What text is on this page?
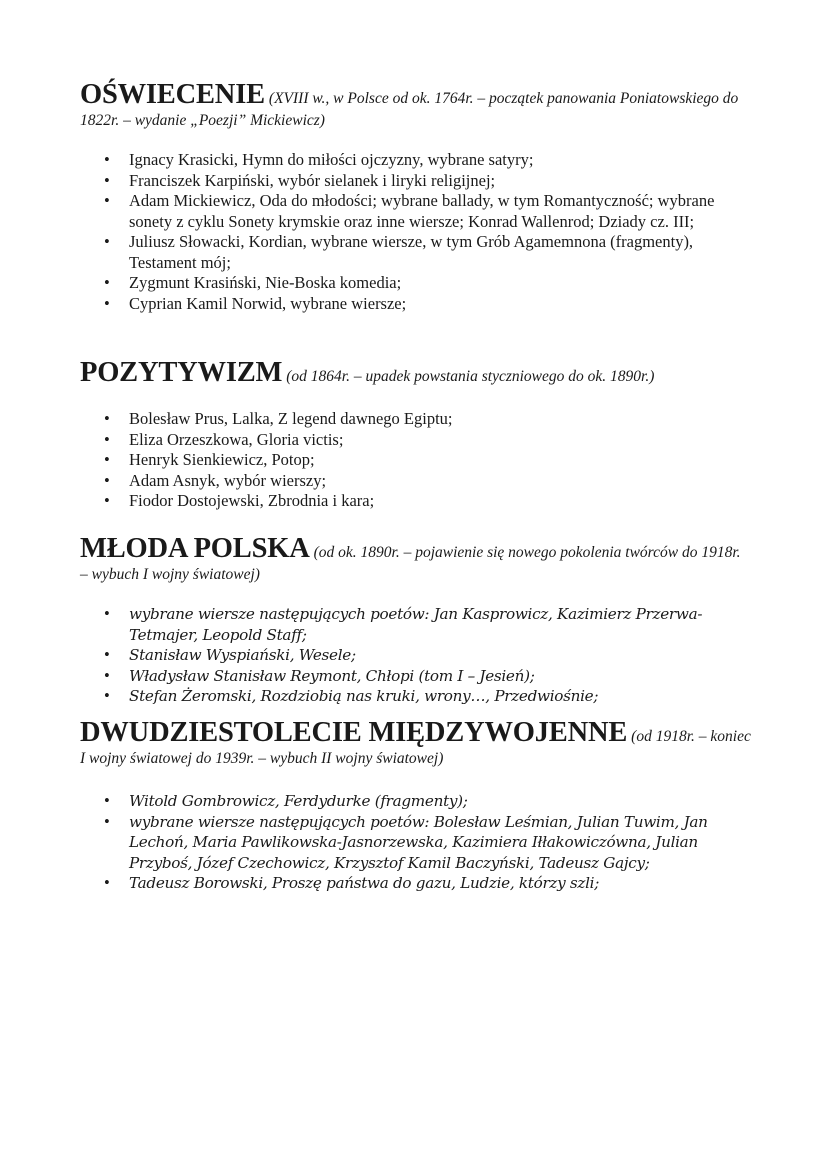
OŚWIECENIE (XVIII w., w Polsce od ok. 1764r. – początek panowania Poniatowskiego do 1822r. – wydanie „Poezji” Mickiewicz)

• Ignacy Krasicki, Hymn do miłości ojczyzny, wybrane satyry;
• Franciszek Karpiński, wybór sielanek i liryki religijnej;
• Adam Mickiewicz, Oda do młodości; wybrane ballady, w tym Romantyczność; wybrane sonety z cyklu Sonety krymskie oraz inne wiersze; Konrad Wallenrod; Dziady cz. III;
• Juliusz Słowacki, Kordian, wybrane wiersze, w tym Grób Agamemnona (fragmenty), Testament mój;
• Zygmunt Krasiński, Nie-Boska komedia;
• Cyprian Kamil Norwid, wybrane wiersze;

POZYTYWIZM (od 1864r. – upadek powstania styczniowego do ok. 1890r.)

• Bolesław Prus, Lalka, Z legend dawnego Egiptu;
• Eliza Orzeszkowa, Gloria victis;
• Henryk Sienkiewicz, Potop;
• Adam Asnyk, wybór wierszy;
• Fiodor Dostojewski, Zbrodnia i kara;

MŁODA POLSKA (od ok. 1890r. – pojawienie się nowego pokolenia twórców do 1918r. – wybuch I wojny światowej)

• wybrane wiersze następujących poetów: Jan Kasprowicz, Kazimierz Przerwa-Tetmajer, Leopold Staff;
• Stanisław Wyspiański, Wesele;
• Władysław Stanisław Reymont, Chłopi (tom I – Jesień);
• Stefan Żeromski, Rozdziobią nas kruki, wrony…, Przedwiośnie;

DWUDZIESTOLECIE MIĘDZYWOJENNE (od 1918r. – koniec I wojny światowej do 1939r. – wybuch II wojny światowej)

• Witold Gombrowicz, Ferdydurke (fragmenty);
• wybrane wiersze następujących poetów: Bolesław Leśmian, Julian Tuwim, Jan Lechoń, Maria Pawlikowska-Jasnorzewska, Kazimiera Iłłakowiczówna, Julian Przyboś, Józef Czechowicz, Krzysztof Kamil Baczyński, Tadeusz Gajcy;
• Tadeusz Borowski, Proszę państwa do gazu, Ludzie, którzy szli;
